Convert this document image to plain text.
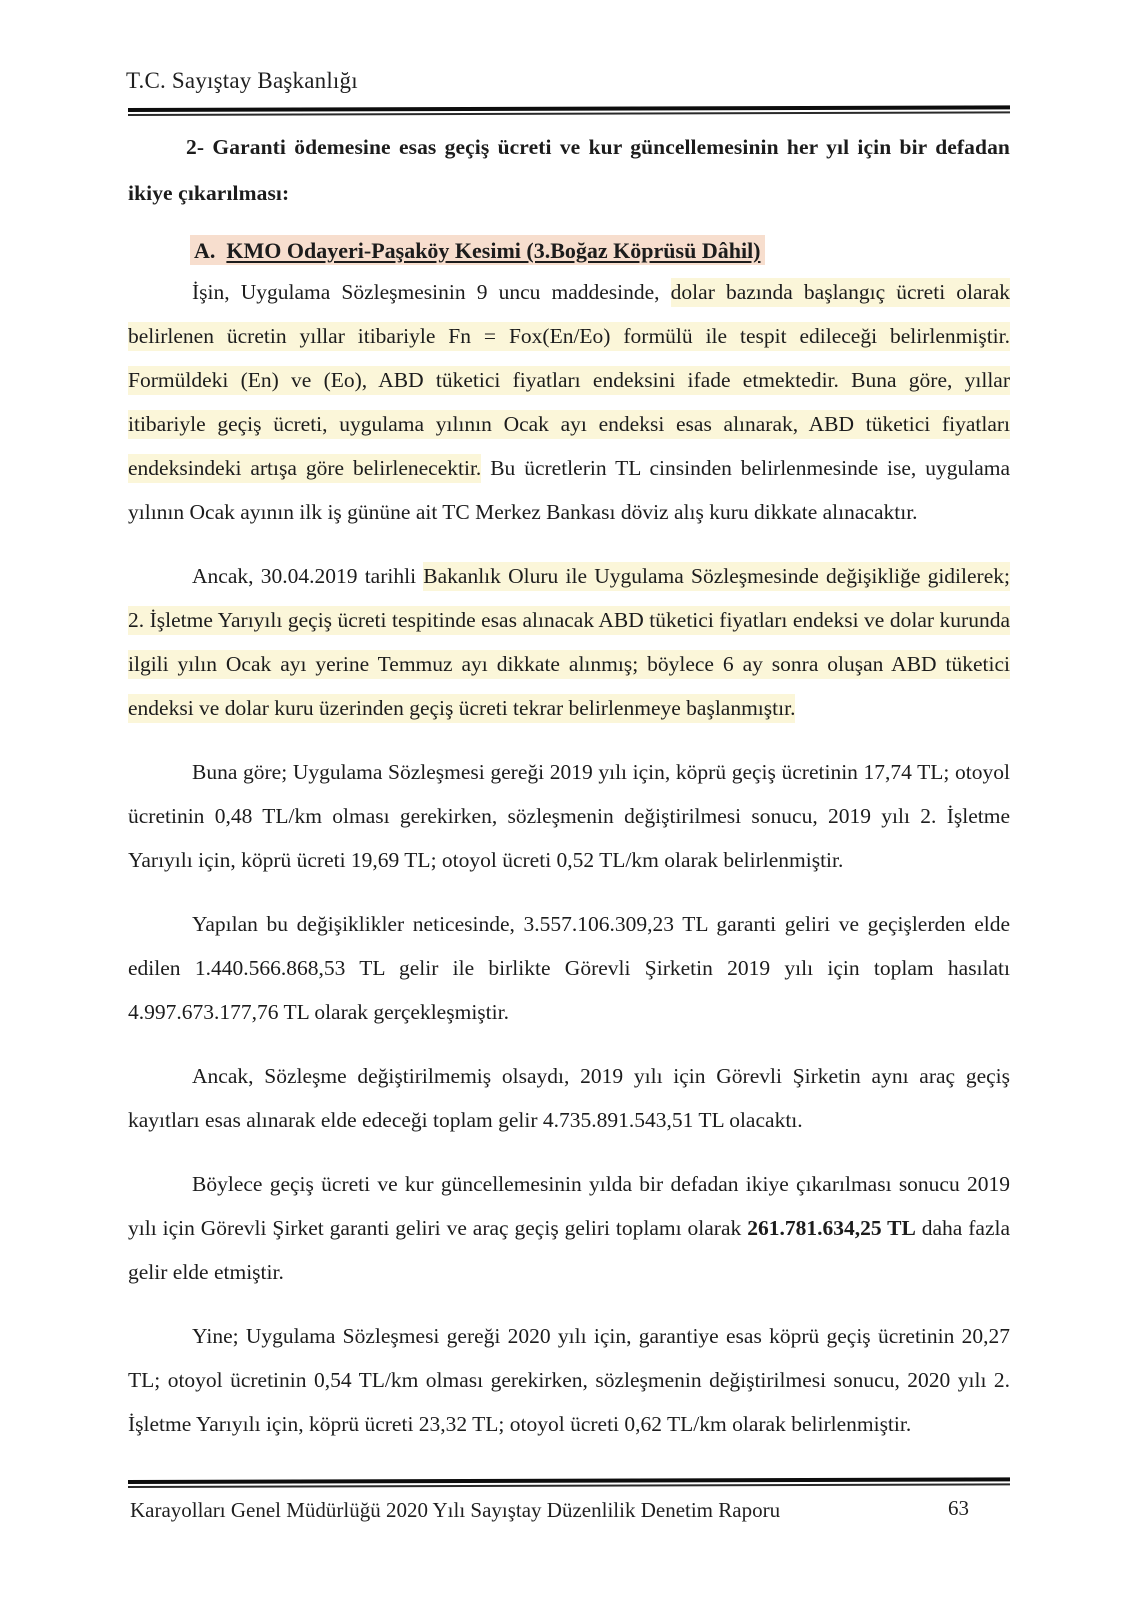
T.C. Sayıştay Başkanlığı

2- Garanti ödemesine esas geçiş ücreti ve kur güncellemesinin her yıl için bir defadan ikiye çıkarılması:

A. KMO Odayeri-Paşaköy Kesimi (3.Boğaz Köprüsü Dâhil)

İşin, Uygulama Sözleşmesinin 9 uncu maddesinde, dolar bazında başlangıç ücreti olarak belirlenen ücretin yıllar itibariyle Fn = Fox(En/Eo) formülü ile tespit edileceği belirlenmiştir. Formüldeki (En) ve (Eo), ABD tüketici fiyatları endeksini ifade etmektedir. Buna göre, yıllar itibariyle geçiş ücreti, uygulama yılının Ocak ayı endeksi esas alınarak, ABD tüketici fiyatları endeksindeki artışa göre belirlenecektir. Bu ücretlerin TL cinsinden belirlenmesinde ise, uygulama yılının Ocak ayının ilk iş gününe ait TC Merkez Bankası döviz alış kuru dikkate alınacaktır.

Ancak, 30.04.2019 tarihli Bakanlık Oluru ile Uygulama Sözleşmesinde değişikliğe gidilerek; 2. İşletme Yarıyılı geçiş ücreti tespitinde esas alınacak ABD tüketici fiyatları endeksi ve dolar kurunda ilgili yılın Ocak ayı yerine Temmuz ayı dikkate alınmış; böylece 6 ay sonra oluşan ABD tüketici endeksi ve dolar kuru üzerinden geçiş ücreti tekrar belirlenmeye başlanmıştır.

Buna göre; Uygulama Sözleşmesi gereği 2019 yılı için, köprü geçiş ücretinin 17,74 TL; otoyol ücretinin 0,48 TL/km olması gerekirken, sözleşmenin değiştirilmesi sonucu, 2019 yılı 2. İşletme Yarıyılı için, köprü ücreti 19,69 TL; otoyol ücreti 0,52 TL/km olarak belirlenmiştir.

Yapılan bu değişiklikler neticesinde, 3.557.106.309,23 TL garanti geliri ve geçişlerden elde edilen 1.440.566.868,53 TL gelir ile birlikte Görevli Şirketin 2019 yılı için toplam hasılatı 4.997.673.177,76 TL olarak gerçekleşmiştir.

Ancak, Sözleşme değiştirilmemiş olsaydı, 2019 yılı için Görevli Şirketin aynı araç geçiş kayıtları esas alınarak elde edeceği toplam gelir 4.735.891.543,51 TL olacaktı.

Böylece geçiş ücreti ve kur güncellemesinin yılda bir defadan ikiye çıkarılması sonucu 2019 yılı için Görevli Şirket garanti geliri ve araç geçiş geliri toplamı olarak 261.781.634,25 TL daha fazla gelir elde etmiştir.

Yine; Uygulama Sözleşmesi gereği 2020 yılı için, garantiye esas köprü geçiş ücretinin 20,27 TL; otoyol ücretinin 0,54 TL/km olması gerekirken, sözleşmenin değiştirilmesi sonucu, 2020 yılı 2. İşletme Yarıyılı için, köprü ücreti 23,32 TL; otoyol ücreti 0,62 TL/km olarak belirlenmiştir.

Karayolları Genel Müdürlüğü 2020 Yılı Sayıştay Düzenlilik Denetim Raporu	63
